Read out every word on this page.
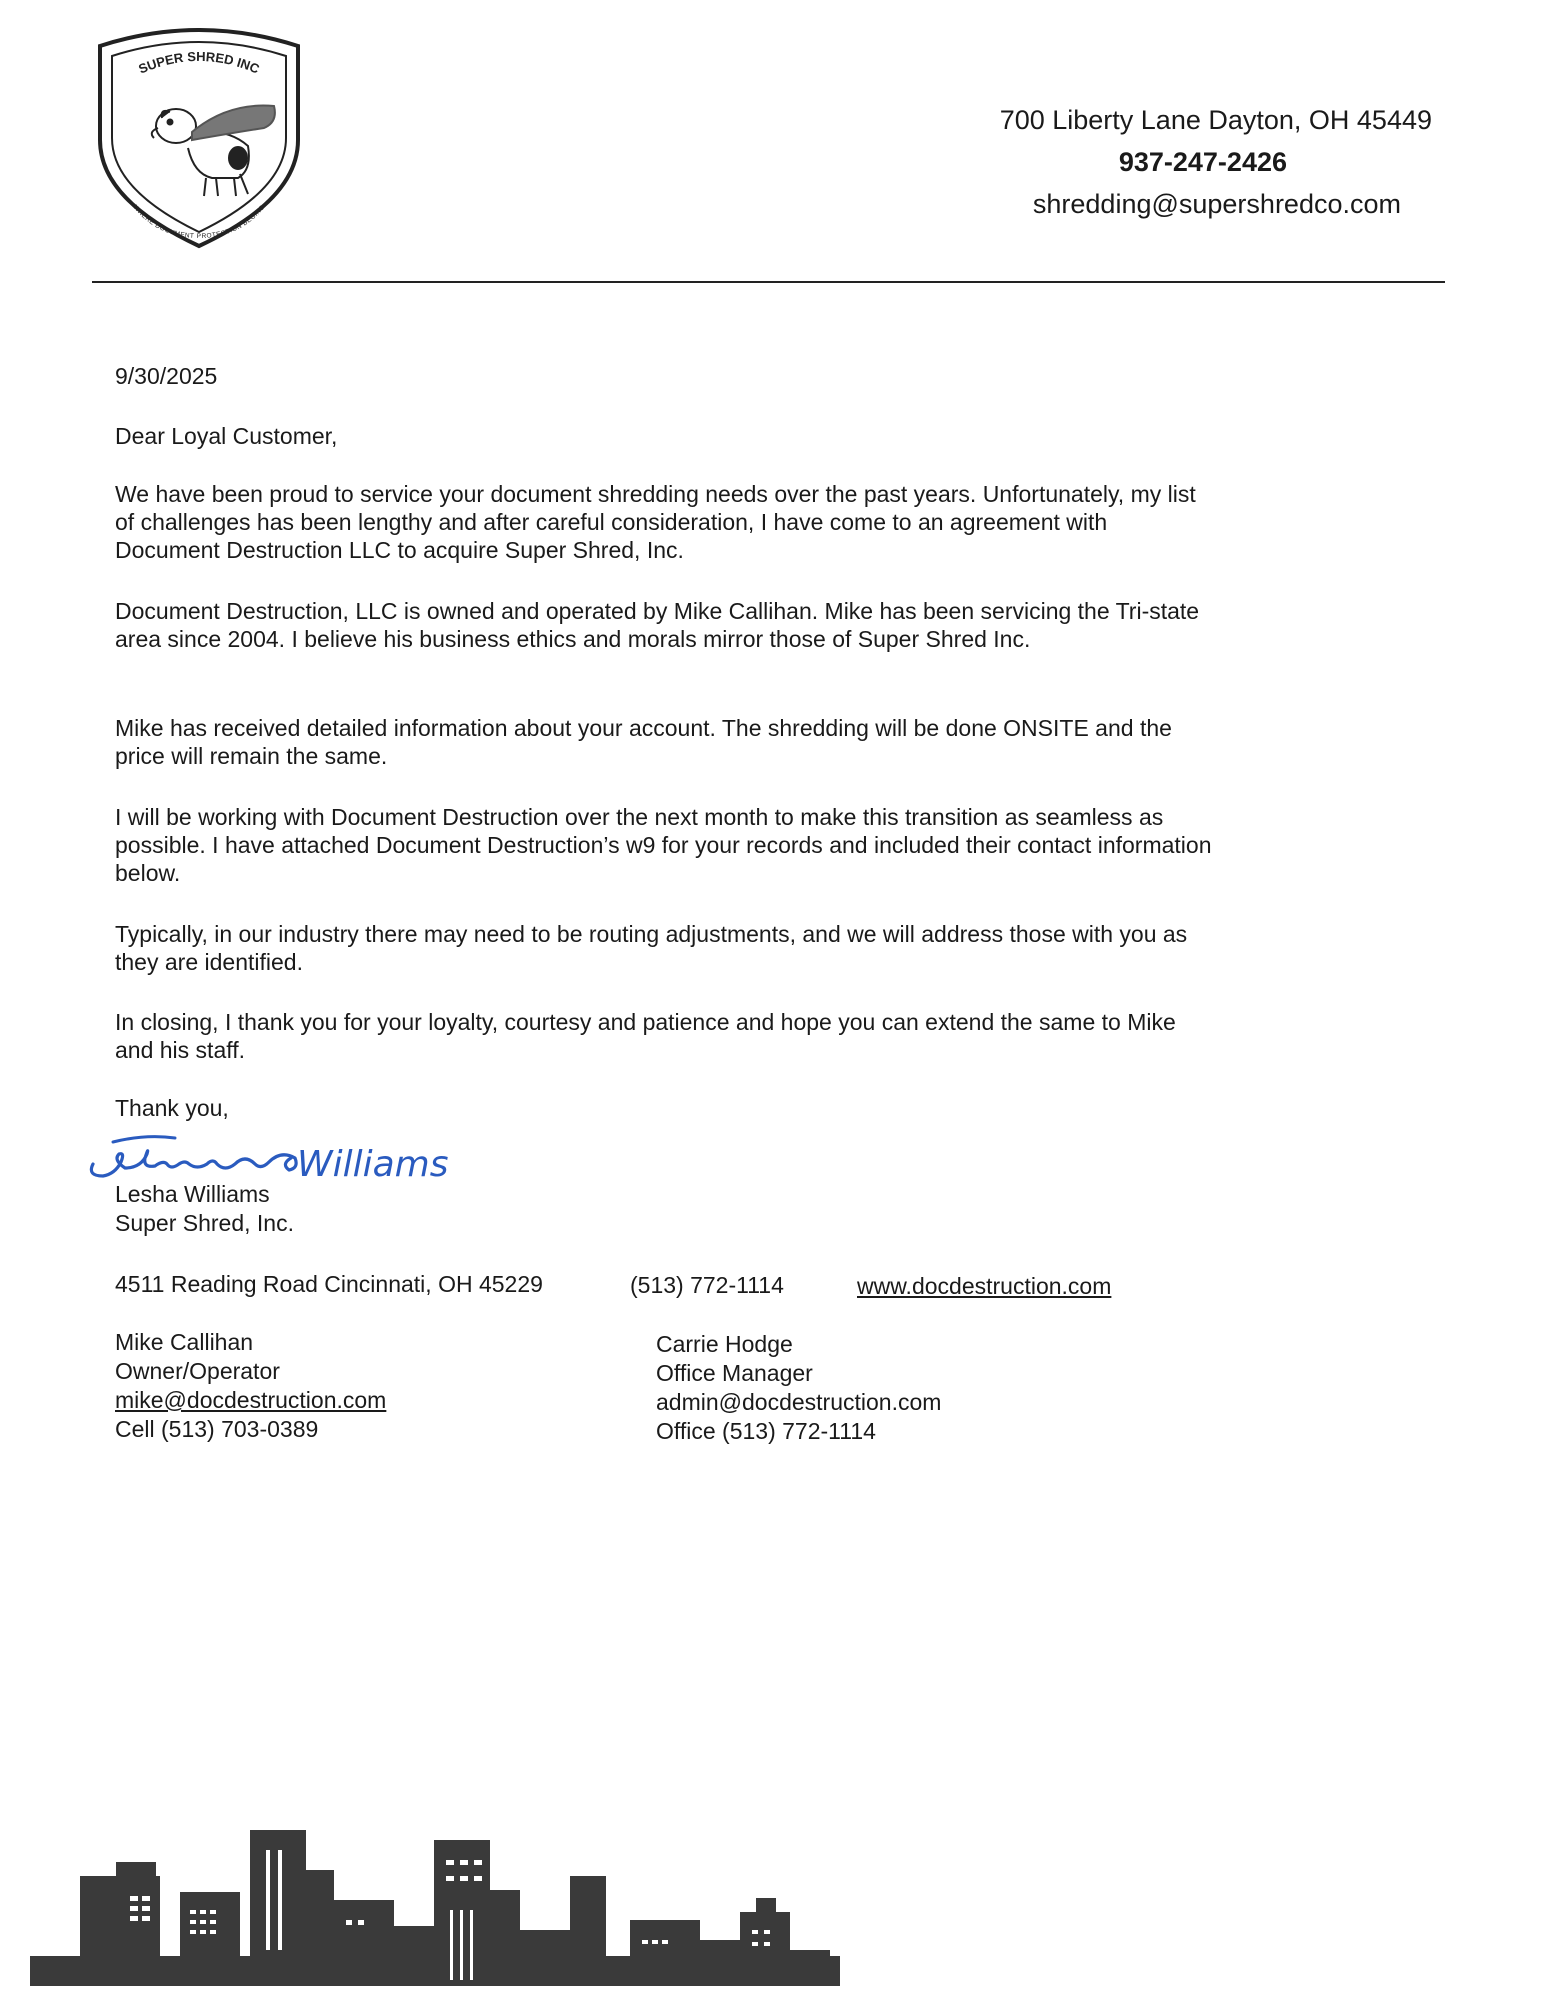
SUPER SHRED INC
WHERE DOCUMENT PROTECTION BEGINS
700 Liberty Lane Dayton, OH 45449
937-247-2426
shredding@supershredco.com
9/30/2025
Dear Loyal Customer,

We have been proud to service your document shredding needs over the past years. Unfortunately, my list of challenges has been lengthy and after careful consideration, I have come to an agreement with Document Destruction LLC to acquire Super Shred, Inc.

Document Destruction, LLC is owned and operated by Mike Callihan. Mike has been servicing the Tri-state area since 2004. I believe his business ethics and morals mirror those of Super Shred Inc.

Mike has received detailed information about your account. The shredding will be done ONSITE and the price will remain the same.

I will be working with Document Destruction over the next month to make this transition as seamless as possible. I have attached Document Destruction’s w9 for your records and included their contact information below.

Typically, in our industry there may need to be routing adjustments, and we will address those with you as they are identified.

In closing, I thank you for your loyalty, courtesy and patience and hope you can extend the same to Mike and his staff.

Thank you,
Williams
Lesha Williams
Super Shred, Inc.
4511 Reading Road Cincinnati, OH 45229	(513) 772-1114	www.docdestruction.com
Mike Callihan
Owner/Operator
mike@docdestruction.com
Cell (513) 703-0389
Carrie Hodge
Office Manager
admin@docdestruction.com
Office (513) 772-1114
